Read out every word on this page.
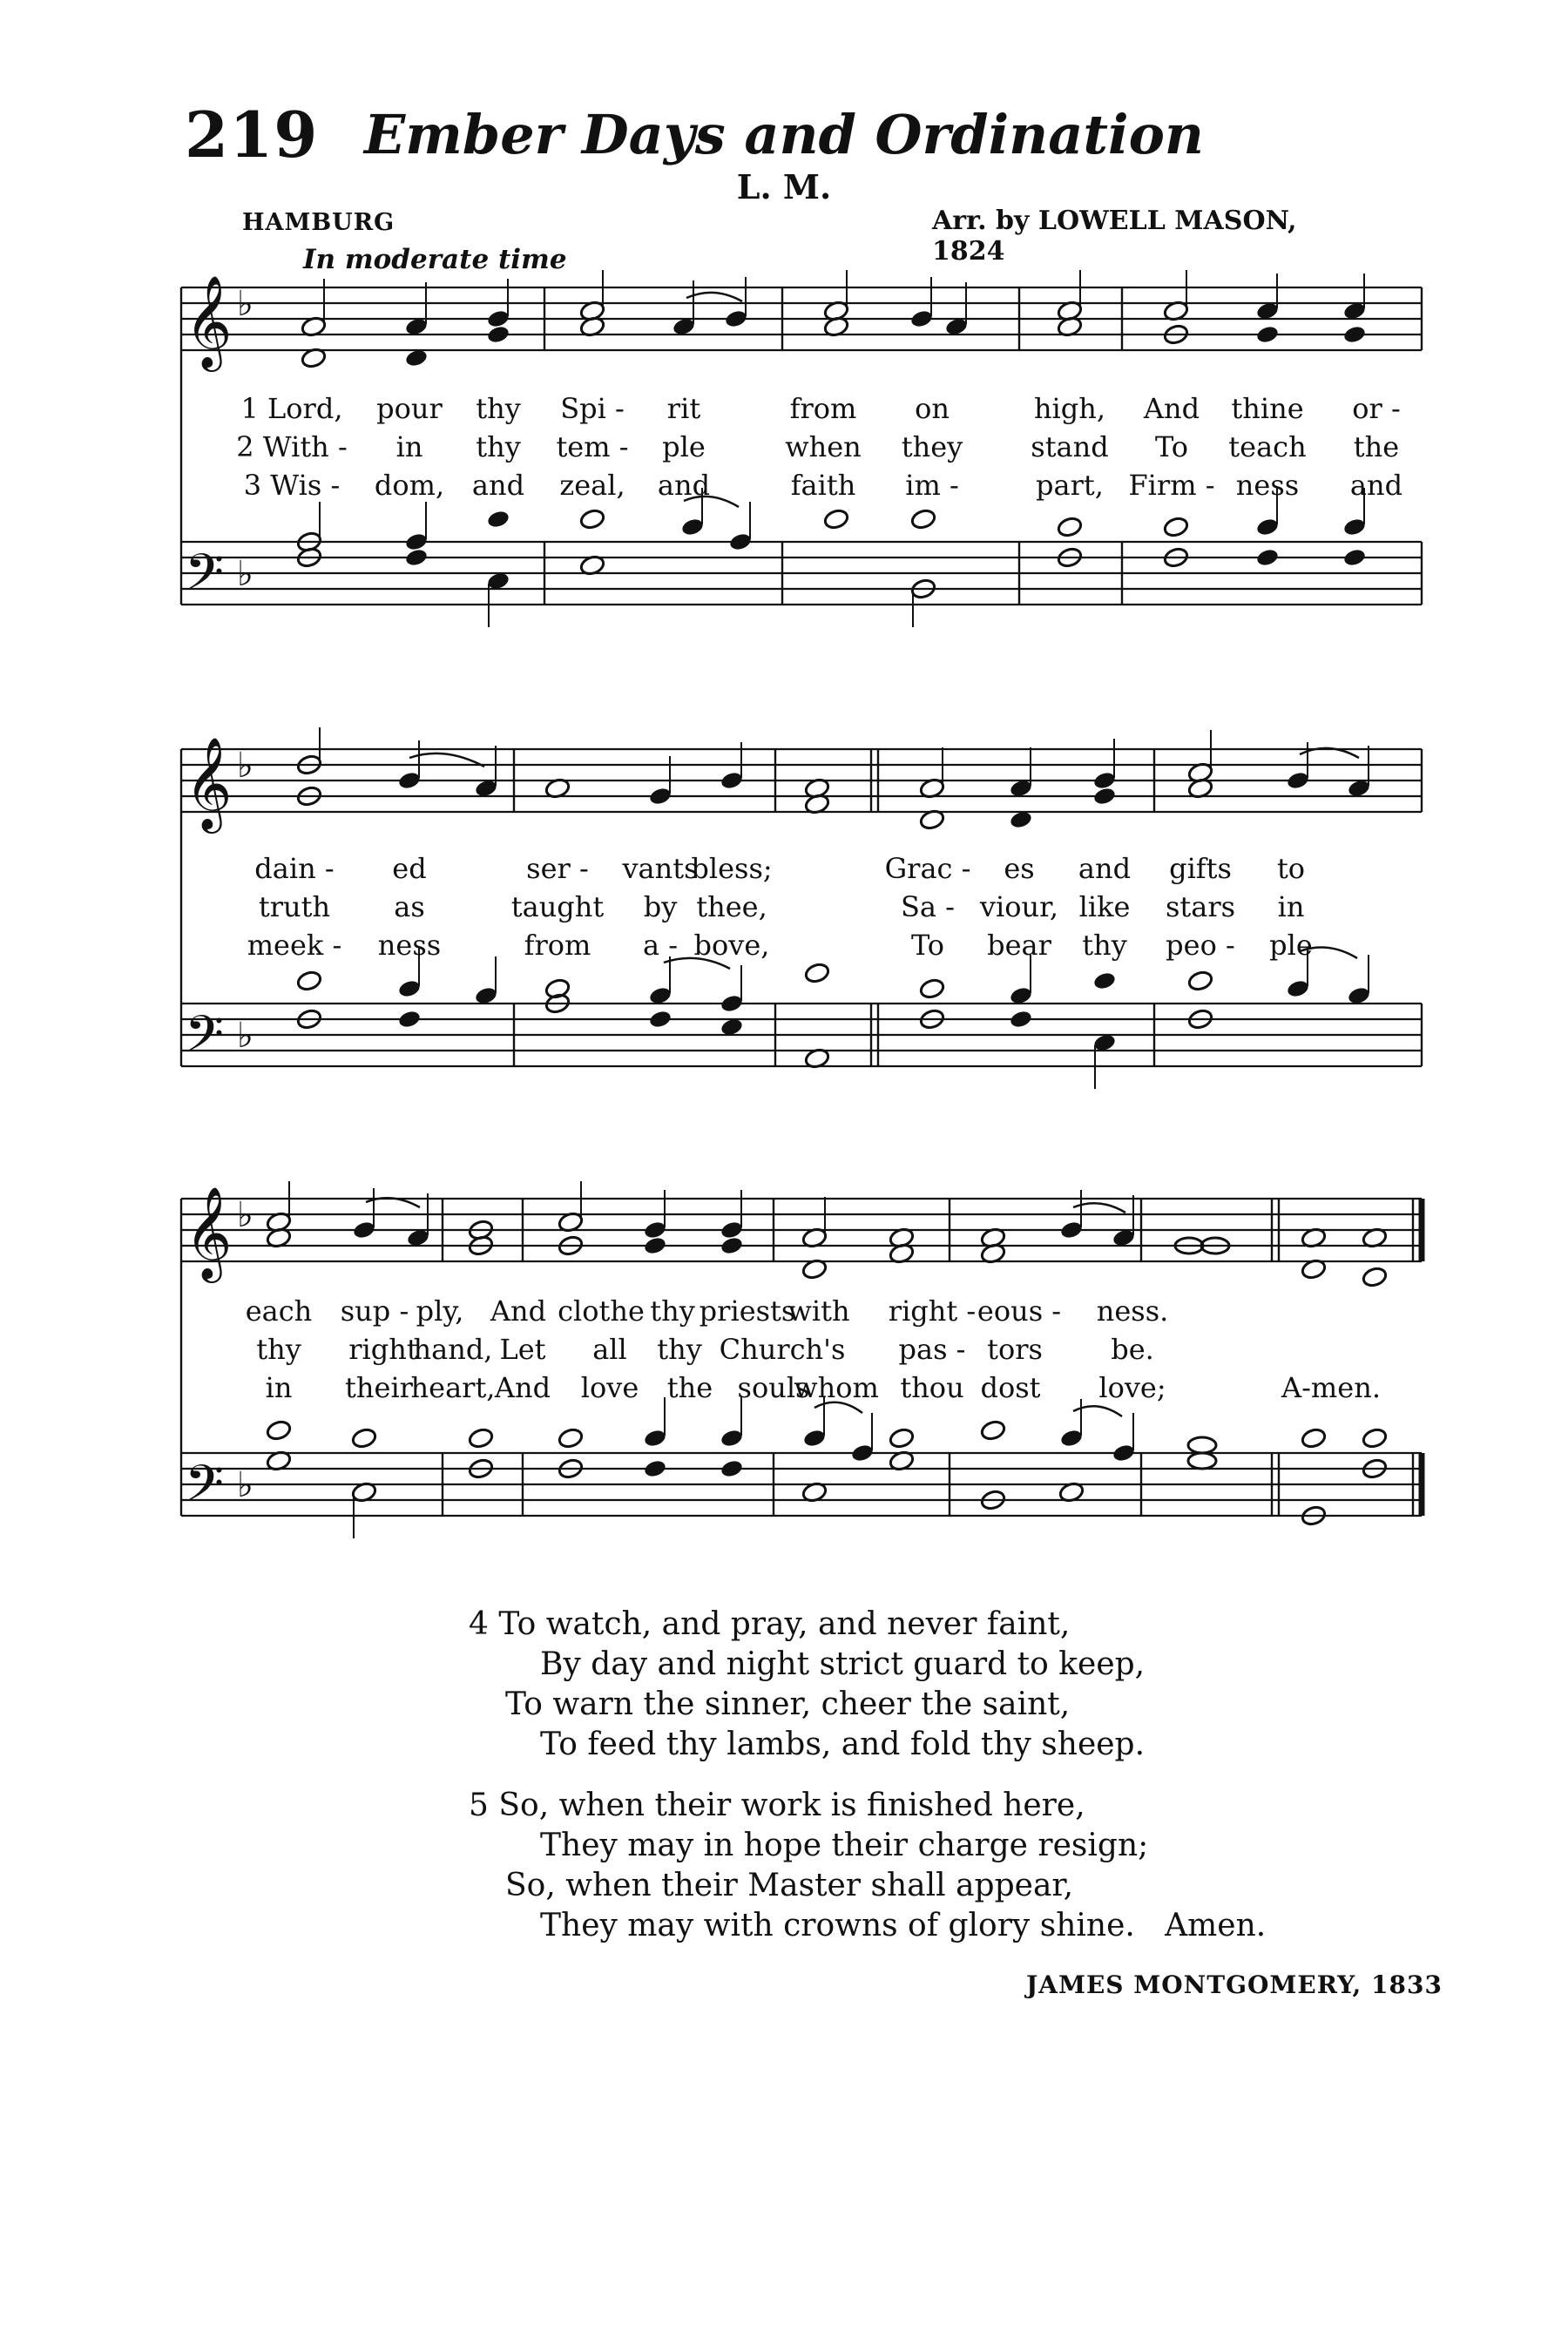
219 Ember Days and Ordination
L. M.
HAMBURG	Arr. by LOWELL MASON, 1824
In moderate time
𝄞
𝄢
♭
♭
1 Lord, pour thy Spi - rit	from on	high, And thine or -
2 With - in thy tem - ple	when they stand To teach the
3 Wis - dom, and zeal, and	faith im -	part, Firm - ness and
𝄞
𝄢
♭
♭
dain - ed	ser - vants
bless;	Grac - es and gifts to
truth as	taught by thee,	Sa - viour, like stars in
meek - ness	from a - bove,	To bear thy peo - ple
𝄞
𝄢
♭
♭
each sup - ply, And clothe thy priests
with right - eous - ness.
thy right
hand, Let all thy Church's pas - tors be.
in their
heart, And love the souls
whom thou dost love;	A-men.
4 To watch, and pray, and never faint,
By day and night strict guard to keep,
To warn the sinner, cheer the saint,
To feed thy lambs, and fold thy sheep.
5 So, when their work is finished here,
They may in hope their charge resign;
So, when their Master shall appear,
They may with crowns of glory shine. Amen.
JAMES MONTGOMERY, 1833
